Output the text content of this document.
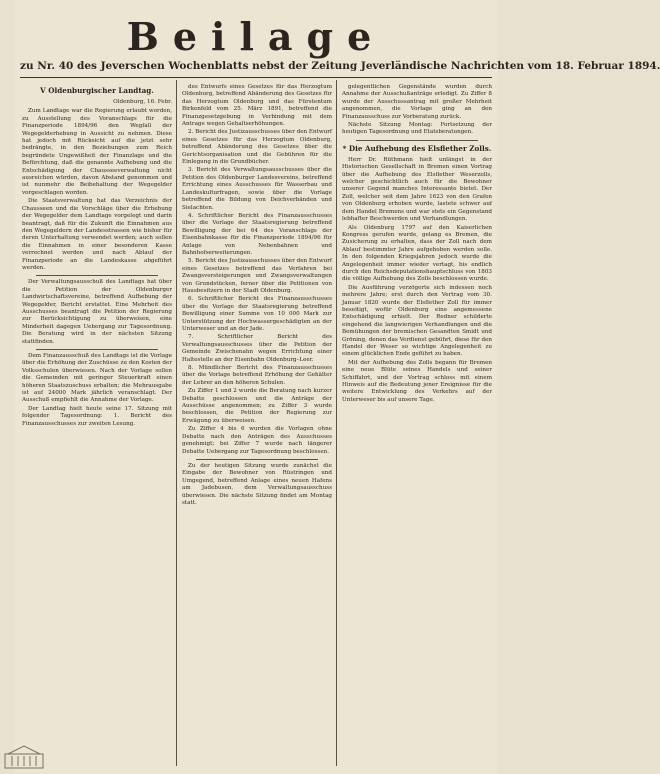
Beilage
zu Nr. 40 des Jeverschen Wochenblatts nebst der Zeitung Jeverländische Nachrichten vom 18. Februar 1894.
V Oldenburgischer Landtag.
Oldenburg, 16. Febr.

Zum Landtage war die Regierung erlaubt worden, zu Ausstellung des Voranschlags für die Finanzperiode 1894/96 den Wegfall der Wegegelderhebung in Aussicht zu nehmen. Diese hat jedoch mit Rücksicht auf die jetzt sehr bedrängte, in den Beziehungen zum Reich begründete Ungewißheit der Finanzlage und die Befürchtung, daß die genannte Aufhebung und die Entschädigung der Chausseeverwaltung nicht ausreichen würden, davon Abstand genommen und ist nunmehr die Beibehaltung der Wegegelder vorgeschlagen worden.

Die Staatsverwaltung hat das Verzeichnis der Chausseen und die Vorschläge über die Erhebung der Wegegelder dem Landtage vorgelegt und darin beantragt, daß für die Zukunft die Einnahmen aus den Wegegeldern der Landesstrassen wie bisher für deren Unterhaltung verwendet werden; auch sollen die Einnahmen in einer besonderen Kasse verrechnet werden und nach Ablauf der Finanzperiode an die Landeskasse abgeführt werden.

Der Verwaltungsausschuß des Landtags hat über die Petition der Oldenburger Landwirtschaftsvereine, betreffend Aufhebung der Wegegelder, Bericht erstattet. Eine Mehrheit des Ausschusses beantragt die Petition der Regierung zur Berücksichtigung zu überweisen, eine Minderheit dagegen Uebergang zur Tagesordnung. Die Beratung wird in der nächsten Sitzung stattfinden.

Dem Finanzausschuß des Landtags ist die Vorlage über die Erhöhung der Zuschüsse zu den Kosten der Volksschulen überwiesen. Nach der Vorlage sollen die Gemeinden mit geringer Steuerkraft einen höheren Staatszuschuss erhalten; die Mehrausgabe ist auf 24000 Mark jährlich veranschlagt. Der Ausschuß empfiehlt die Annahme der Vorlage.

Der Landtag hielt heute seine 17. Sitzung mit folgender Tagesordnung: 1. Bericht des Finanzausschusses zur zweiten Lesung.

des Entwurfs eines Gesetzes für das Herzogtum Oldenburg, betreffend Abänderung des Gesetzes für das Herzogtum Oldenburg und das Fürstentum Birkenfeld vom 25. März 1891, betreffend die Finanzgesetzgebung in Verbindung mit dem Antrage wegen Gehaltserhöhungen.

2. Bericht des Justizausschusses über den Entwurf eines Gesetzes für das Herzogtum Oldenburg, betreffend Abänderung des Gesetzes über die Gerichtsorganisation und die Gebühren für die Einlegung in die Grundbücher.

3. Bericht des Verwaltungsausschusses über die Petition des Oldenburger Landesvereins, betreffend Errichtung eines Ausschusses für Wasserbau und Landeskulturfragen, sowie über die Vorlage betreffend die Bildung von Deichverbänden und Sielachten.

4. Schriftlicher Bericht des Finanzausschusses über die Vorlage der Staatsregierung betreffend Bewilligung der bei 64 des Voranschlags der Eisenbahnkasse für die Finanzperiode 1894/96 für Anlage von Nebenbahnen und Bahnhofserweiterungen.

5. Bericht des Justizausschusses über den Entwurf eines Gesetzes betreffend das Verfahren bei Zwangsversteigerungen und Zwangsverwaltungen von Grundstücken, ferner über die Petitionen von Hausbesitzern in der Stadt Oldenburg.

6. Schriftlicher Bericht des Finanzausschusses über die Vorlage der Staatsregierung betreffend Bewilligung einer Summe von 10 000 Mark zur Unterstützung der Hochwassergeschädigten an der Unterweser und an der Jade.

7. Schriftlicher Bericht des Verwaltungsausschusses über die Petition der Gemeinde Zwischenahn wegen Errichtung einer Haltestelle an der Eisenbahn Oldenburg–Leer.

8. Mündlicher Bericht des Finanzausschusses über die Vorlage betreffend Erhöhung der Gehälter der Lehrer an den höheren Schulen.

Zu Ziffer 1 und 2 wurde die Beratung nach kurzer Debatte geschlossen und die Anträge der Ausschüsse angenommen; zu Ziffer 3 wurde beschlossen, die Petition der Regierung zur Erwägung zu überweisen.

Zu Ziffer 4 bis 6 wurden die Vorlagen ohne Debatte nach den Anträgen des Ausschusses genehmigt; bei Ziffer 7 wurde nach längerer Debatte Uebergang zur Tagesordnung beschlossen.

Zu der heutigen Sitzung wurde zunächst die Eingabe der Bewohner von Rüstringen und Umgegend, betreffend Anlage eines neuen Hafens am Jadebusen, dem Verwaltungsausschuss überwiesen. Die nächste Sitzung findet am Montag statt.

gelegentlichen Gegenstände wurden durch Annahme der Ausschußanträge erledigt. Zu Ziffer 8 wurde der Ausschussantrag mit großer Mehrheit angenommen, die Vorlage ging an den Finanzausschuss zur Vorberatung zurück.

Nächste Sitzung Montag: Fortsetzung der heutigen Tagesordnung und Etatsberatungen.

* Die Aufhebung des Elsflether Zolls.

Herr Dr. Rüthmann hielt unlängst in der Historischen Gesellschaft in Bremen einen Vortrag über die Aufhebung des Elsflether Weserzolls, welcher geschichtlich auch für die Bewohner unserer Gegend manches Interessante bietet. Der Zoll, welcher seit dem Jahre 1623 von den Grafen von Oldenburg erhoben wurde, lastete schwer auf dem Handel Bremens und war stets ein Gegenstand lebhafter Beschwerden und Verhandlungen.

Als Oldenburg 1797 auf den Kaiserlichen Kongress gerufen wurde, gelang es Bremen, die Zusicherung zu erhalten, dass der Zoll nach dem Ablauf bestimmter Jahre aufgehoben werden solle. In den folgenden Kriegsjahren jedoch wurde die Angelegenheit immer wieder vertagt, bis endlich durch den Reichsdeputationshauptschluss von 1803 die völlige Aufhebung des Zolls beschlossen wurde.

Die Ausführung verzögerte sich indessen noch mehrere Jahre; erst durch den Vertrag vom 30. Januar 1820 wurde der Elsflether Zoll für immer beseitigt, wofür Oldenburg eine angemessene Entschädigung erhielt. Der Redner schilderte eingehend die langwierigen Verhandlungen und die Bemühungen der bremischen Gesandten Smidt und Gröning, denen das Verdienst gebührt, diese für den Handel der Weser so wichtige Angelegenheit zu einem glücklichen Ende geführt zu haben.

Mit der Aufhebung des Zolls begann für Bremen eine neue Blüte seines Handels und seiner Schiffahrt, und der Vortrag schloss mit einem Hinweis auf die Bedeutung jener Ereignisse für die weitere Entwicklung des Verkehrs auf der Unterweser bis auf unsere Tage.
